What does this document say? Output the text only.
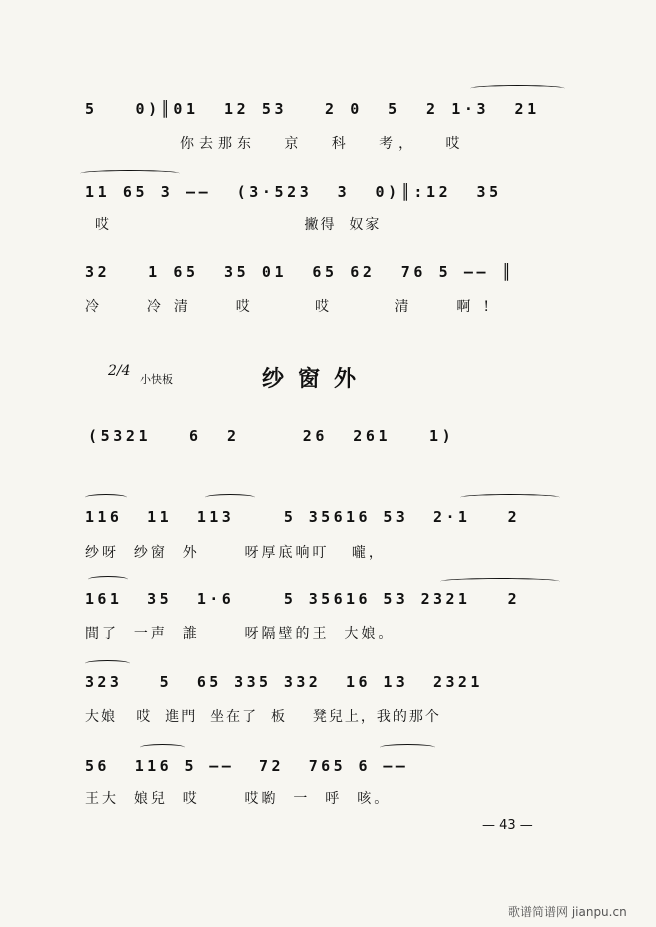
5   0)║01  12 53   2 0  5  2 1·3  21
你去那东   京   科   考，   哎
11 65 3 ——  (3·523  3  0)║:12  35
哎                              撇得  奴家
32   1 65  35 01  65 62  76 5 —— ║
冷  冷清  哎   哎   清  啊!
2/4
小快板	纱窗外
(5321   6  2     26  261   1)
116  11  113    5 35616 53  2·1   2
纱呀  纱窗  外      呀厚底响叮   嚨，
161  35  1·6    5 35616 53 2321   2
間了  一声  誰      呀隔壁的王  大娘。
323   5  65 335 332  16 13  2321
大娘   哎  進門  坐在了  板    凳兒上，我的那个
56  116 5 ——  72  765 6 ——
王大  娘兒  哎      哎喲  一  呼  咳。
— 43 —
歌谱简谱网 jianpu.cn
